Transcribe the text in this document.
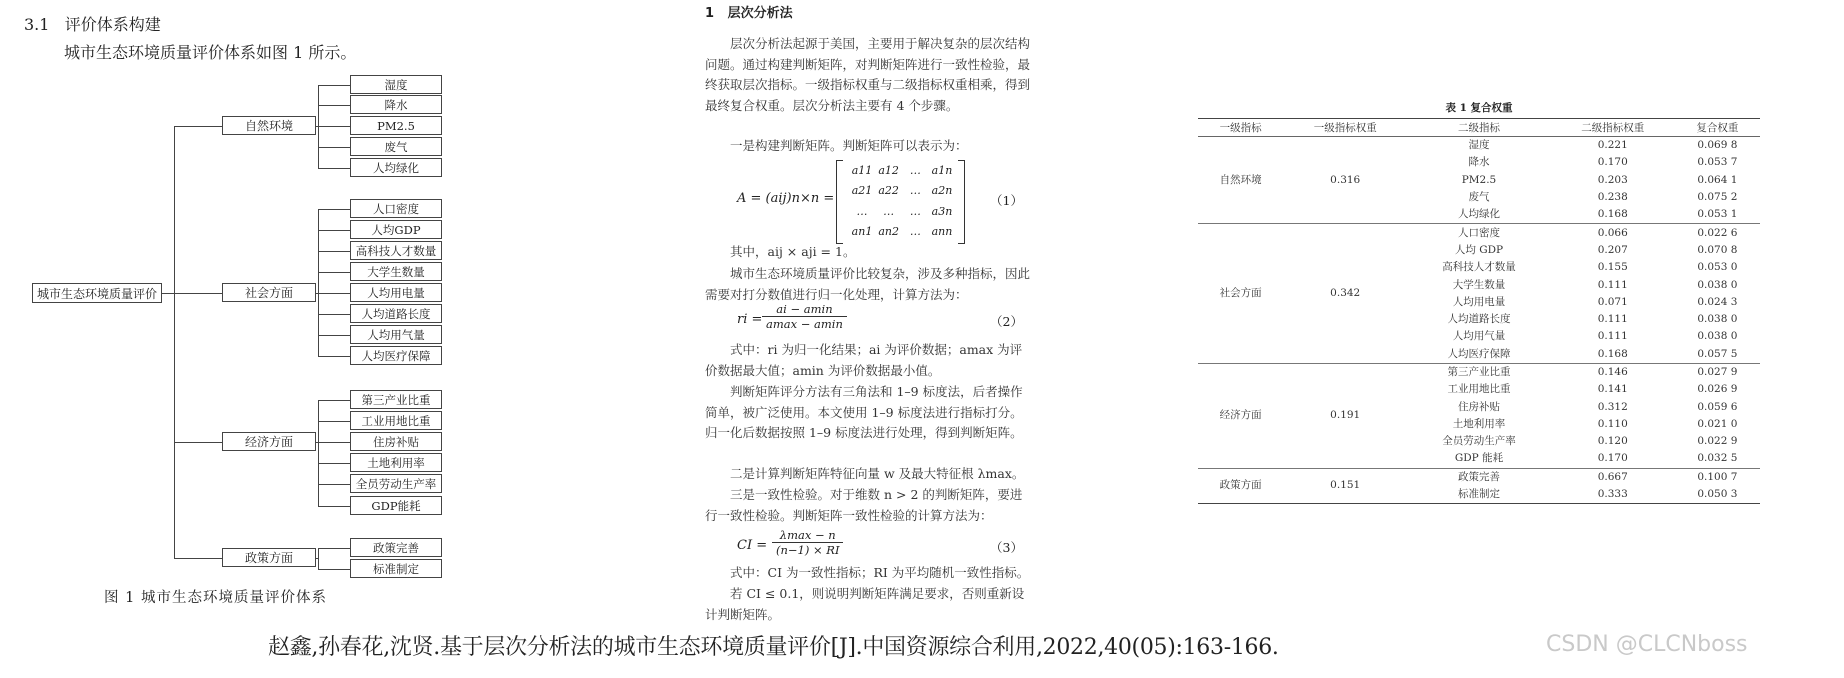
3.1 评价体系构建
城市生态环境质量评价体系如图 1 所示。
城市生态环境质量评价
自然环境
湿度
降水
PM2.5
废气
人均绿化
社会方面
人口密度
人均GDP
高科技人才数量
大学生数量
人均用电量
人均道路长度
人均用气量
人均医疗保障
经济方面
第三产业比重
工业用地比重
住房补贴
土地利用率
全员劳动生产率
GDP能耗
政策方面
政策完善
标准制定
图 1 城市生态环境质量评价体系
1 层次分析法
层次分析法起源于美国，主要用于解决复杂的层次结构问题。通过构建判断矩阵，对判断矩阵进行一致性检验，最终获取层次指标。一级指标权重与二级指标权重相乘，得到最终复合权重。层次分析法主要有 4 个步骤。
一是构建判断矩阵。判断矩阵可以表示为：
A = (aij)n×n =
a11 a12 … a1n
a21 a22 … a2n
…	…	… a3n
an1 an2 … ann
（1）
其中，aij × aji = 1。
城市生态环境质量评价比较复杂，涉及多种指标，因此需要对打分数值进行归一化处理，计算方法为：
ri =
ai − amin
amax − amin	（2）
式中：ri 为归一化结果；ai 为评价数据；amax 为评价数据最大值；amin 为评价数据最小值。
判断矩阵评分方法有三角法和 1–9 标度法，后者操作简单，被广泛使用。本文使用 1–9 标度法进行指标打分。归一化后数据按照 1–9 标度法进行处理，得到判断矩阵。
二是计算判断矩阵特征向量 w 及最大特征根 λmax。
三是一致性检验。对于维数 n > 2 的判断矩阵，要进行一致性检验。判断矩阵一致性检验的计算方法为：
CI =
λmax − n
(n−1) × RI	（3）
式中：CI 为一致性指标；RI 为平均随机一致性指标。
若 CI ≤ 0.1，则说明判断矩阵满足要求，否则重新设计判断矩阵。
表 1 复合权重
一级指标	一级指标权重	二级指标	二级指标权重	复合权重
自然环境	0.316	湿度	0.221	0.069 8
		降水	0.170	0.053 7
		PM2.5	0.203	0.064 1
		废气	0.238	0.075 2
		人均绿化	0.168	0.053 1
社会方面	0.342	人口密度	0.066	0.022 6
		人均 GDP	0.207	0.070 8
		高科技人才数量	0.155	0.053 0
		大学生数量	0.111	0.038 0
		人均用电量	0.071	0.024 3
		人均道路长度	0.111	0.038 0
		人均用气量	0.111	0.038 0
		人均医疗保障	0.168	0.057 5
经济方面	0.191	第三产业比重	0.146	0.027 9
		工业用地比重	0.141	0.026 9
		住房补贴	0.312	0.059 6
		土地利用率	0.110	0.021 0
		全员劳动生产率	0.120	0.022 9
		GDP 能耗	0.170	0.032 5
政策方面	0.151	政策完善	0.667	0.100 7
		标准制定	0.333	0.050 3
赵鑫,孙春花,沈贤.基于层次分析法的城市生态环境质量评价[J].中国资源综合利用,2022,40(05):163-166.	CSDN @CLCNboss
